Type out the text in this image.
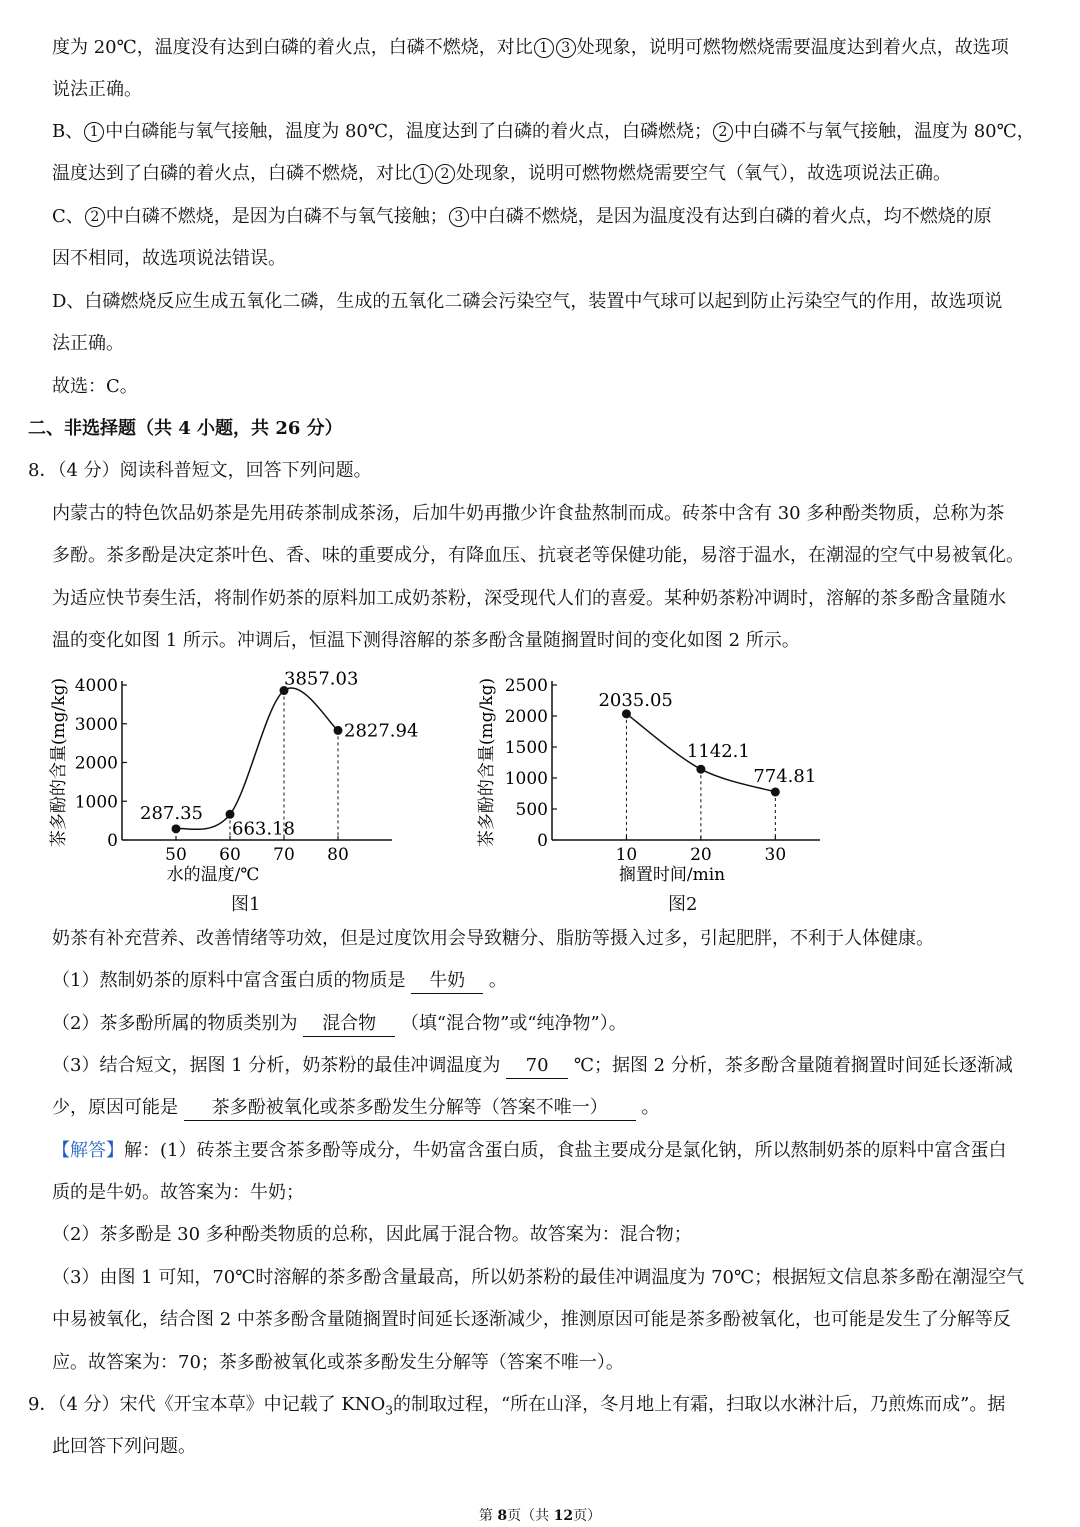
度为 20℃，温度没有达到白磷的着火点，白磷不燃烧，对比 1 3 处现象，说明可燃物燃烧需要温度达到着火点，故选项
说法正确。
B、 1 中白磷能与氧气接触，温度为 80℃，温度达到了白磷的着火点，白磷燃烧； 2 中白磷不与氧气接触，温度为 80℃，
温度达到了白磷的着火点，白磷不燃烧，对比 1 2 处现象，说明可燃物燃烧需要空气（氧气），故选项说法正确。
C、 2 中白磷不燃烧，是因为白磷不与氧气接触； 3 中白磷不燃烧，是因为温度没有达到白磷的着火点，均不燃烧的原
因不相同，故选项说法错误。
D、白磷燃烧反应生成五氧化二磷，生成的五氧化二磷会污染空气，装置中气球可以起到防止污染空气的作用，故选项说
法正确。
故选：C。
二、非选择题（共 4 小题，共 26 分）
8．（4 分）阅读科普短文，回答下列问题。
内蒙古的特色饮品奶茶是先用砖茶制成茶汤，后加牛奶再撒少许食盐熬制而成。砖茶中含有 30 多种酚类物质，总称为茶
多酚。茶多酚是决定茶叶色、香、味的重要成分，有降血压、抗衰老等保健功能，易溶于温水，在潮湿的空气中易被氧化。
为适应快节奏生活，将制作奶茶的原料加工成奶茶粉，深受现代人们的喜爱。某种奶茶粉冲调时，溶解的茶多酚含量随水
温的变化如图 1 所示。冲调后，恒温下测得溶解的茶多酚含量随搁置时间的变化如图 2 所示。
0
1000
2000
3000
4000
50 60 70 80
水的温度/℃
茶多酚的含量(mg/kg)	287.35
663.18
3857.03
2827.94
图1
0
500
1000
1500
2000
2500
10	20	30
搁置时间/min
茶多酚的含量(mg/kg)	2035.05
1142.1
774.81
图2
奶茶有补充营养、改善情绪等功效，但是过度饮用会导致糖分、脂肪等摄入过多，引起肥胖，不利于人体健康。
（1）熬制奶茶的原料中富含蛋白质的物质是 牛奶 。
（2）茶多酚所属的物质类别为 混合物 （填“混合物”或“纯净物”）。
（3）结合短文，据图 1 分析，奶茶粉的最佳冲调温度为 70 ℃；据图 2 分析，茶多酚含量随着搁置时间延长逐渐减
少，原因可能是 茶多酚被氧化或茶多酚发生分解等（答案不唯一） 。
【解答】解：(1）砖茶主要含茶多酚等成分，牛奶富含蛋白质，食盐主要成分是氯化钠，所以熬制奶茶的原料中富含蛋白
质的是牛奶。故答案为：牛奶；
（2）茶多酚是 30 多种酚类物质的总称，因此属于混合物。故答案为：混合物；
（3）由图 1 可知，70℃时溶解的茶多酚含量最高，所以奶茶粉的最佳冲调温度为 70℃；根据短文信息茶多酚在潮湿空气
中易被氧化，结合图 2 中茶多酚含量随搁置时间延长逐渐减少，推测原因可能是茶多酚被氧化，也可能是发生了分解等反
应。故答案为：70；茶多酚被氧化或茶多酚发生分解等（答案不唯一）。
9．（4 分）宋代《开宝本草》中记载了 $KNO_3$的制取过程，“所在山泽，冬月地上有霜，扫取以水淋汁后，乃煎炼而成”。据
此回答下列问题。
第 8页（共 12页）
